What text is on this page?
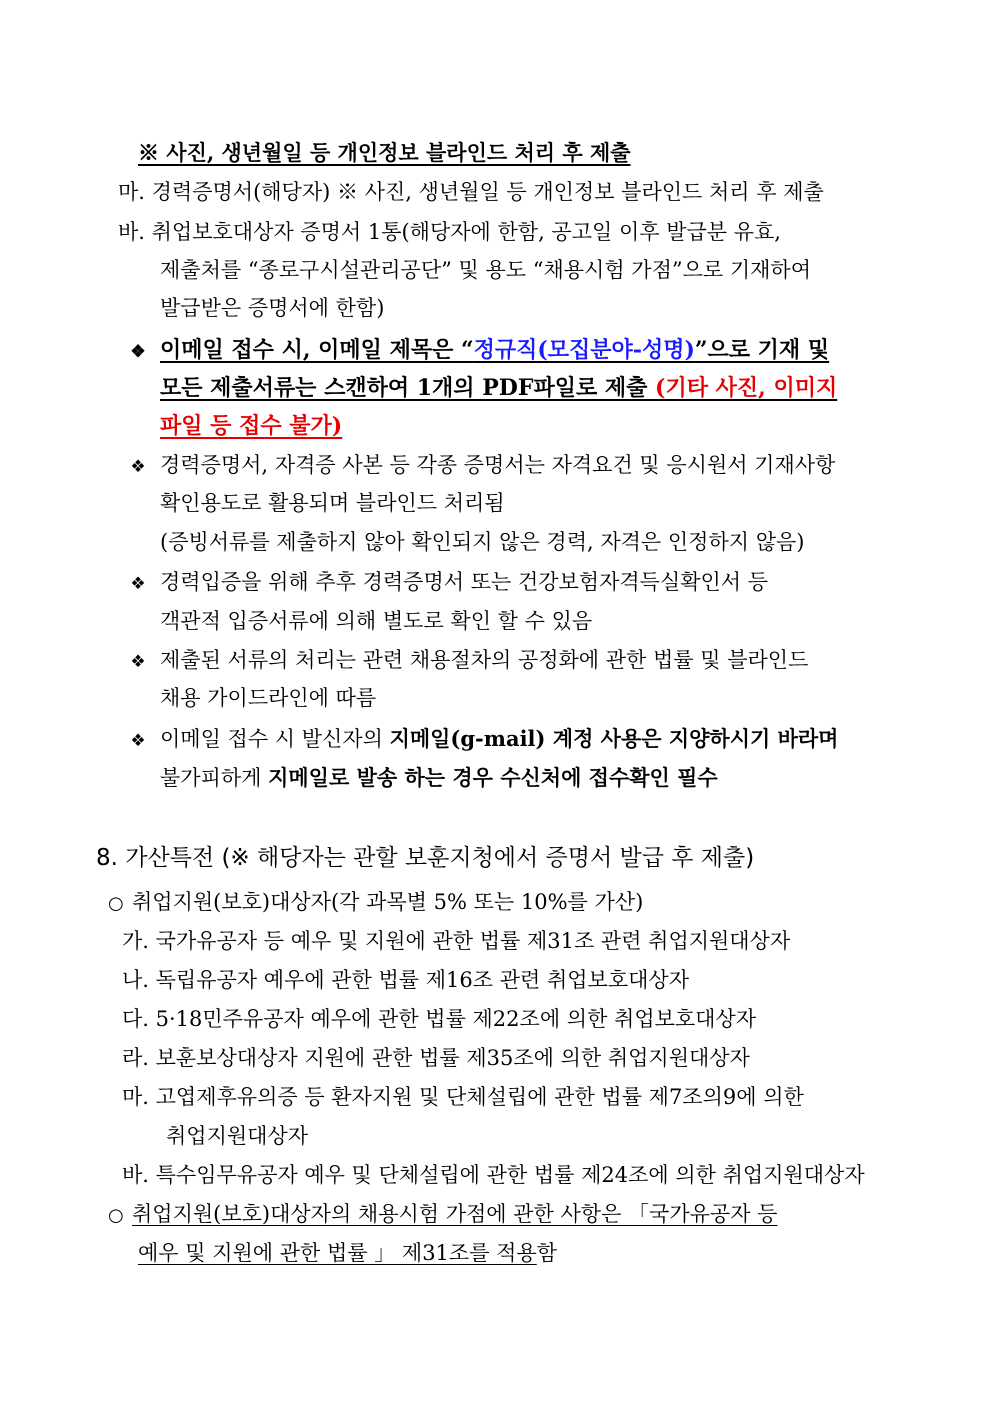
※ 사진, 생년월일 등 개인정보 블라인드 처리 후 제출
마. 경력증명서(해당자) ※ 사진, 생년월일 등 개인정보 블라인드 처리 후 제출
바. 취업보호대상자 증명서 1통(해당자에 한함, 공고일 이후 발급분 유효,
제출처를 “종로구시설관리공단” 및 용도 “채용시험 가점”으로 기재하여
발급받은 증명서에 한함)
❖ 이메일 접수 시, 이메일 제목은 “정규직(모집분야-성명)”으로 기재 및
모든 제출서류는 스캔하여 1개의 PDF파일로 제출 (기타 사진, 이미지
파일 등 접수 불가)
❖ 경력증명서, 자격증 사본 등 각종 증명서는 자격요건 및 응시원서 기재사항
확인용도로 활용되며 블라인드 처리됨
(증빙서류를 제출하지 않아 확인되지 않은 경력, 자격은 인정하지 않음)
❖ 경력입증을 위해 추후 경력증명서 또는 건강보험자격득실확인서 등
객관적 입증서류에 의해 별도로 확인 할 수 있음
❖ 제출된 서류의 처리는 관련 채용절차의 공정화에 관한 법률 및 블라인드
채용 가이드라인에 따름
❖ 이메일 접수 시 발신자의 지메일(g-mail) 계정 사용은 지양하시기 바라며
불가피하게 지메일로 발송 하는 경우 수신처에 접수확인 필수
8. 가산특전 (※ 해당자는 관할 보훈지청에서 증명서 발급 후 제출)
○ 취업지원(보호)대상자(각 과목별 5% 또는 10%를 가산)
가. 국가유공자 등 예우 및 지원에 관한 법률 제31조 관련 취업지원대상자
나. 독립유공자 예우에 관한 법률 제16조 관련 취업보호대상자
다. 5·18민주유공자 예우에 관한 법률 제22조에 의한 취업보호대상자
라. 보훈보상대상자 지원에 관한 법률 제35조에 의한 취업지원대상자
마. 고엽제후유의증 등 환자지원 및 단체설립에 관한 법률 제7조의9에 의한
취업지원대상자
바. 특수임무유공자 예우 및 단체설립에 관한 법률 제24조에 의한 취업지원대상자
○ 취업지원(보호)대상자의 채용시험 가점에 관한 사항은 「국가유공자 등
예우 및 지원에 관한 법률 」 제31조를 적용함
